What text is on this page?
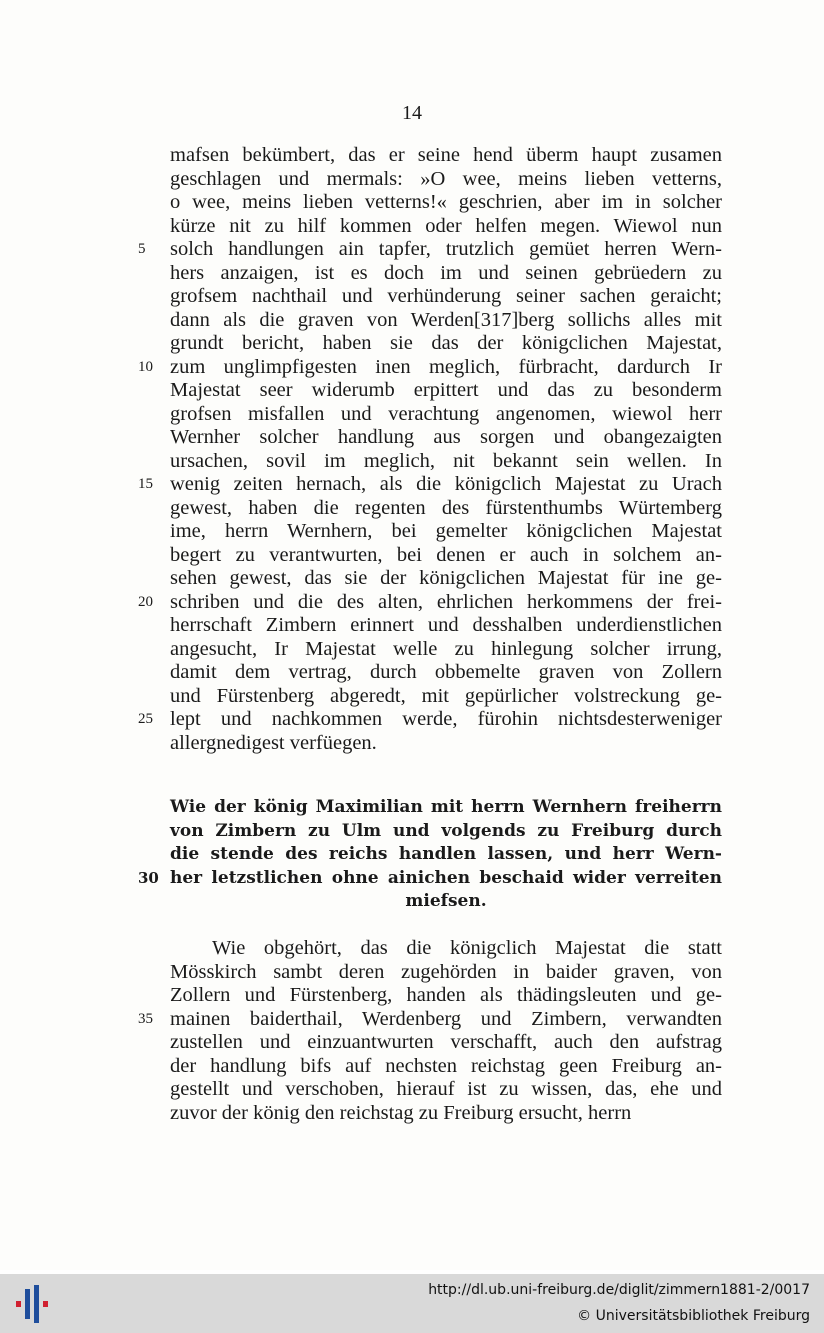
14
mafsen bekümbert, das er seine hend überm haupt zusamen
geschlagen und mermals: »O wee, meins lieben vetterns,
o wee, meins lieben vetterns!« geschrien, aber im in solcher
kürze nit zu hilf kommen oder helfen megen. Wiewol nun
5	solch handlungen ain tapfer, trutzlich gemüet herren Wern-
hers anzaigen, ist es doch im und seinen gebrüedern zu
grofsem nachthail und verhünderung seiner sachen geraicht;
dann als die graven von Werden[317]berg sollichs alles mit
grundt bericht, haben sie das der königclichen Majestat,
10 zum unglimpfigesten inen meglich, fürbracht, dardurch Ir
Majestat seer widerumb erpittert und das zu besonderm
grofsen misfallen und verachtung angenomen, wiewol herr
Wernher solcher handlung aus sorgen und obangezaigten
ursachen, sovil im meglich, nit bekannt sein wellen. In
15 wenig zeiten hernach, als die königclich Majestat zu Urach
gewest, haben die regenten des fürstenthumbs Würtemberg
ime, herrn Wernhern, bei gemelter königclichen Majestat
begert zu verantwurten, bei denen er auch in solchem an-
sehen gewest, das sie der königclichen Majestat für ine ge-
20 schriben und die des alten, ehrlichen herkommens der frei-
herrschaft Zimbern erinnert und desshalben underdienstlichen
angesucht, Ir Majestat welle zu hinlegung solcher irrung,
damit dem vertrag, durch obbemelte graven von Zollern
und Fürstenberg abgeredt, mit gepürlicher volstreckung ge-
25 lept und nachkommen werde, fürohin nichtsdesterweniger
allergnedigest verfüegen.
Wie der könig Maximilian mit herrn Wernhern freiherrn
von Zimbern zu Ulm und volgends zu Freiburg durch
die stende des reichs handlen lassen, und herr Wern-
30 her letzstlichen ohne ainichen beschaid wider verreiten
miefsen.
Wie obgehört, das die königclich Majestat die statt
Mösskirch sambt deren zugehörden in baider graven, von
Zollern und Fürstenberg, handen als thädingsleuten und ge-
35 mainen baiderthail, Werdenberg und Zimbern, verwandten
zustellen und einzuantwurten verschafft, auch den aufstrag
der handlung bifs auf nechsten reichstag geen Freiburg an-
gestellt und verschoben, hierauf ist zu wissen, das, ehe und
zuvor der könig den reichstag zu Freiburg ersucht, herrn
http://dl.ub.uni-freiburg.de/diglit/zimmern1881-2/0017
© Universitätsbibliothek Freiburg
